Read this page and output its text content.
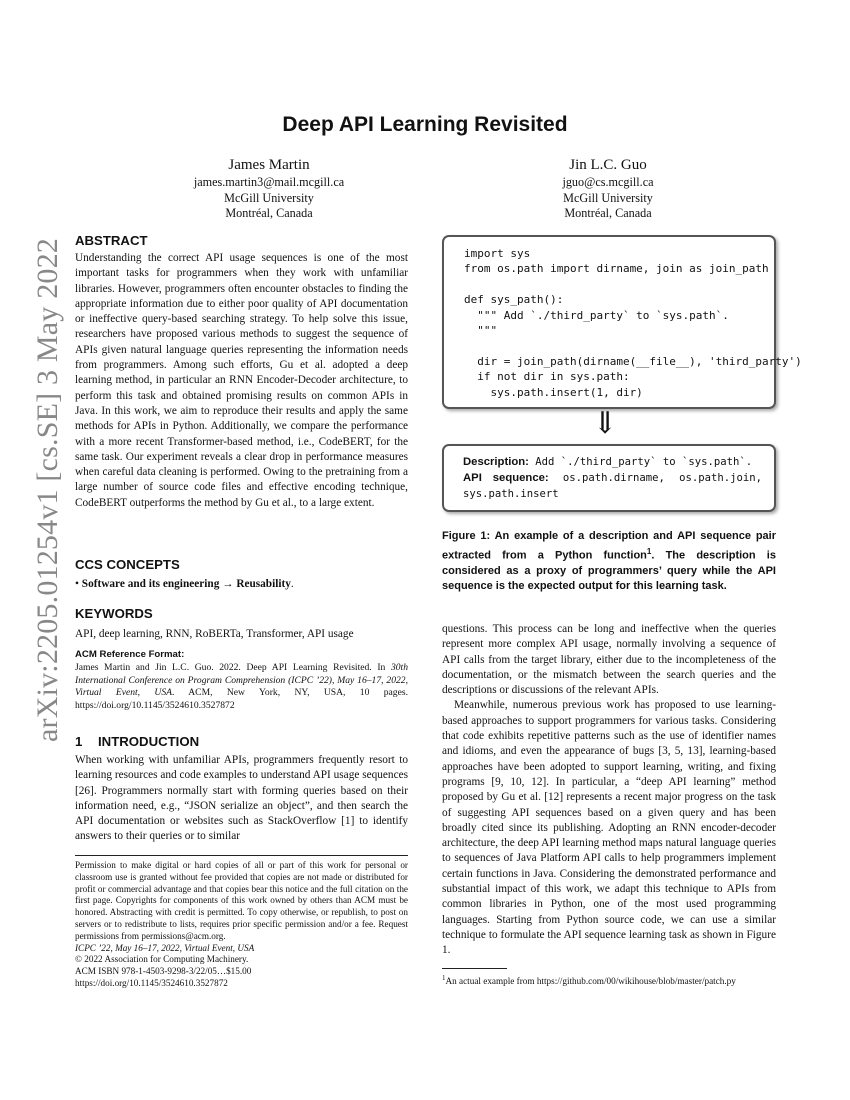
arXiv:2205.01254v1 [cs.SE] 3 May 2022
Deep API Learning Revisited
James Martin
james.martin3@mail.mcgill.ca
McGill University
Montréal, Canada
Jin L.C. Guo
jguo@cs.mcgill.ca
McGill University
Montréal, Canada
ABSTRACT

Understanding the correct API usage sequences is one of the most important tasks for programmers when they work with unfamiliar libraries. However, programmers often encounter obstacles to finding the appropriate information due to either poor quality of API documentation or ineffective query-based searching strategy. To help solve this issue, researchers have proposed various methods to suggest the sequence of APIs given natural language queries representing the information needs from programmers. Among such efforts, Gu et al. adopted a deep learning method, in particular an RNN Encoder-Decoder architecture, to perform this task and obtained promising results on common APIs in Java. In this work, we aim to reproduce their results and apply the same methods for APIs in Python. Additionally, we compare the performance with a more recent Transformer-based method, i.e., CodeBERT, for the same task. Our experiment reveals a clear drop in performance measures when careful data cleaning is performed. Owing to the pretraining from a large number of source code files and effective encoding technique, CodeBERT outperforms the method by Gu et al., to a large extent.

CCS CONCEPTS

• Software and its engineering → Reusability.

KEYWORDS

API, deep learning, RNN, RoBERTa, Transformer, API usage

ACM Reference Format:

James Martin and Jin L.C. Guo. 2022. Deep API Learning Revisited. In 30th International Conference on Program Comprehension (ICPC ’22), May 16–17, 2022, Virtual Event, USA. ACM, New York, NY, USA, 10 pages. https://doi.org/10.1145/3524610.3527872

1 INTRODUCTION

When working with unfamiliar APIs, programmers frequently resort to learning resources and code examples to understand API usage sequences [26]. Programmers normally start with forming queries based on their information need, e.g., “JSON serialize an object”, and then search the API documentation or websites such as StackOverflow [1] to identify answers to their queries or to similar

Permission to make digital or hard copies of all or part of this work for personal or classroom use is granted without fee provided that copies are not made or distributed for profit or commercial advantage and that copies bear this notice and the full citation on the first page. Copyrights for components of this work owned by others than ACM must be honored. Abstracting with credit is permitted. To copy otherwise, or republish, to post on servers or to redistribute to lists, requires prior specific permission and/or a fee. Request permissions from permissions@acm.org.

ICPC ’22, May 16–17, 2022, Virtual Event, USA
© 2022 Association for Computing Machinery.
ACM ISBN 978-1-4503-9298-3/22/05…$15.00
https://doi.org/10.1145/3524610.3527872
import sys
from os.path import dirname, join as join_path

def sys_path():
""" Add `./third_party` to `sys.path`.
"""

dir = join_path(dirname(__file__), 'third_party')
if not dir in sys.path:
sys.path.insert(1, dir)
⇓
Description: Add `./third_party` to `sys.path`.
API sequence: os.path.dirname, os.path.join, sys.path.insert
Figure 1: An example of a description and API sequence pair extracted from a Python function$^1$. The description is considered as a proxy of programmers’ query while the API sequence is the expected output for this learning task.

questions. This process can be long and ineffective when the queries represent more complex API usage, normally involving a sequence of API calls from the target library, either due to the incompleteness of the documentation, or the mismatch between the search queries and the descriptions or discussions of the relevant APIs.

Meanwhile, numerous previous work has proposed to use learning-based approaches to support programmers for various tasks. Considering that code exhibits repetitive patterns such as the use of identifier names and idioms, and even the appearance of bugs [3, 5, 13], learning-based approaches have been adopted to support learning, writing, and fixing programs [9, 10, 12]. In particular, a “deep API learning” method proposed by Gu et al. [12] represents a recent major progress on the task of suggesting API sequences based on a given query and has been broadly cited since its publishing. Adopting an RNN encoder-decoder architecture, the deep API learning method maps natural language queries to sequences of Java Platform API calls to help programmers implement certain functions in Java. Considering the demonstrated performance and substantial impact of this work, we adapt this technique to APIs from common libraries in Python, one of the most used programming languages. Starting from Python source code, we can use a similar technique to formulate the API sequence learning task as shown in Figure 1.

$^1$An actual example from https://github.com/00/wikihouse/blob/master/patch.py
